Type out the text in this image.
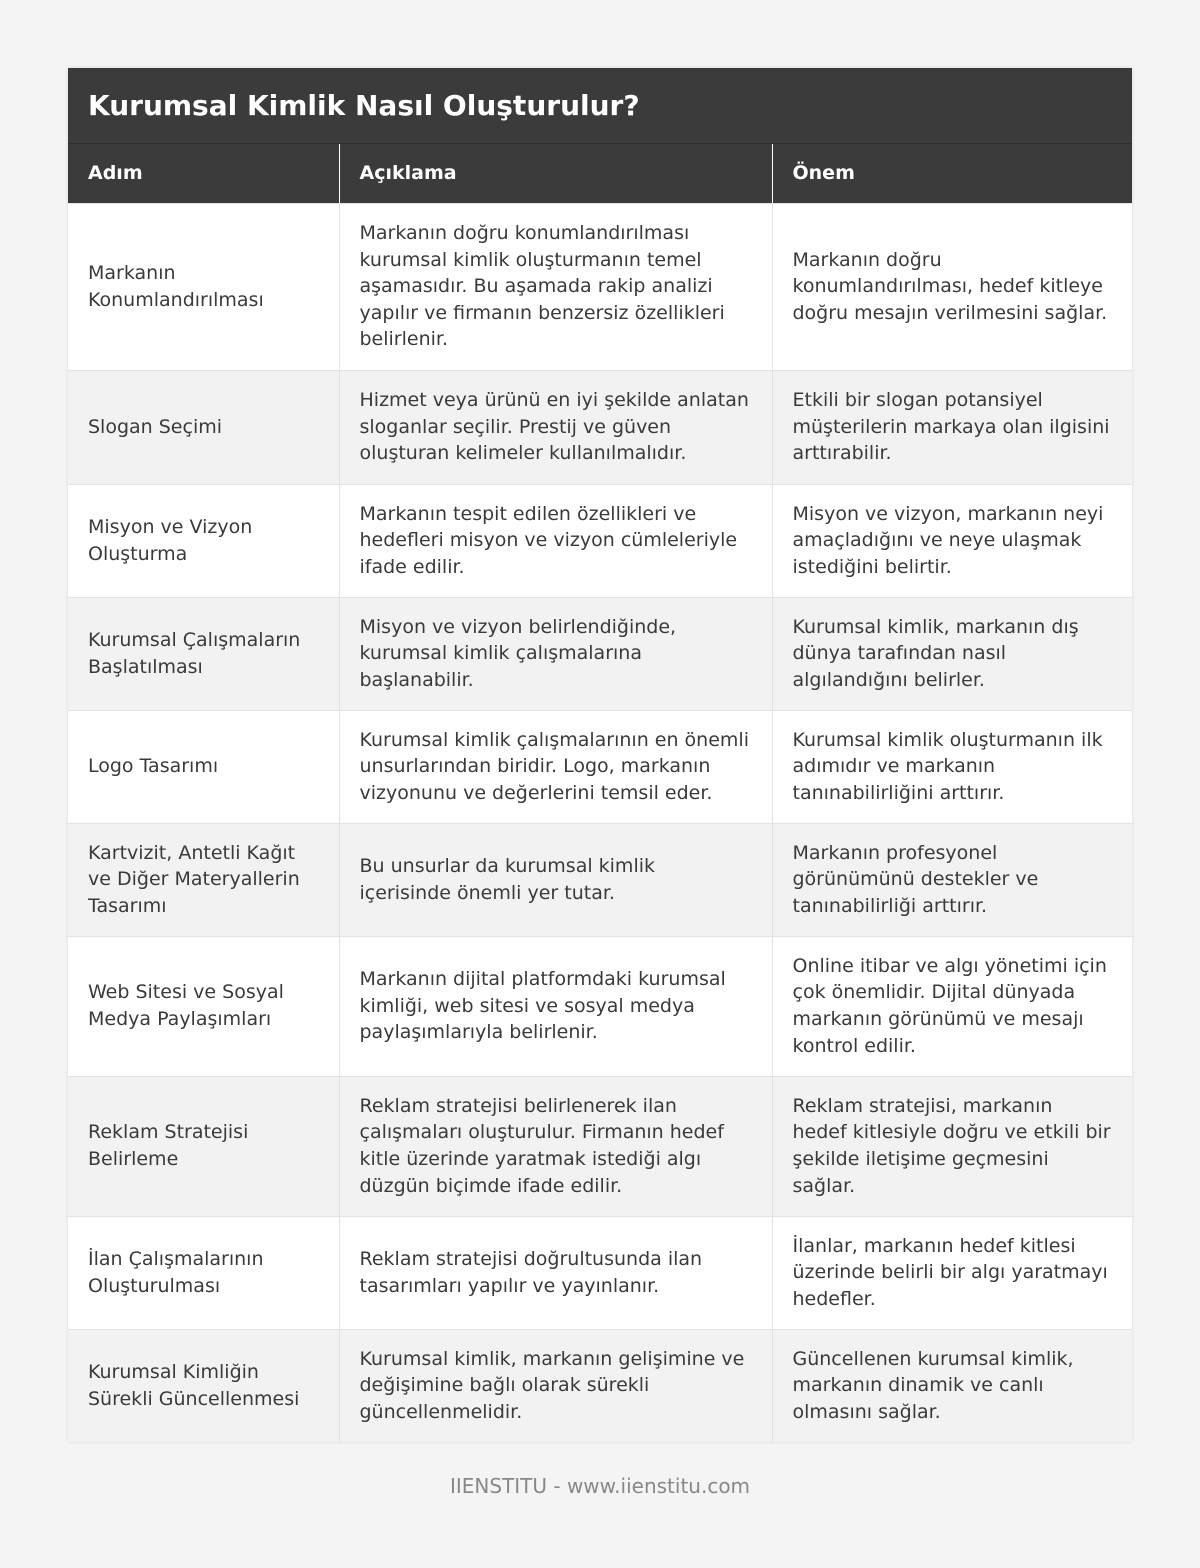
Kurumsal Kimlik Nasıl Oluşturulur?
Adım	Açıklama	Önem
Markanın Konumlandırılması	Markanın doğru konumlandırılması kurumsal kimlik oluşturmanın temel aşamasıdır. Bu aşamada rakip analizi yapılır ve firmanın benzersiz özellikleri belirlenir.	Markanın doğru konumlandırılması, hedef kitleye doğru mesajın verilmesini sağlar.
Slogan Seçimi	Hizmet veya ürünü en iyi şekilde anlatan sloganlar seçilir. Prestij ve güven oluşturan kelimeler kullanılmalıdır.	Etkili bir slogan potansiyel müşterilerin markaya olan ilgisini arttırabilir.
Misyon ve Vizyon Oluşturma	Markanın tespit edilen özellikleri ve hedefleri misyon ve vizyon cümleleriyle ifade edilir.	Misyon ve vizyon, markanın neyi amaçladığını ve neye ulaşmak istediğini belirtir.
Kurumsal Çalışmaların Başlatılması	Misyon ve vizyon belirlendiğinde, kurumsal kimlik çalışmalarına başlanabilir.	Kurumsal kimlik, markanın dış dünya tarafından nasıl algılandığını belirler.
Logo Tasarımı	Kurumsal kimlik çalışmalarının en önemli unsurlarından biridir. Logo, markanın vizyonunu ve değerlerini temsil eder.	Kurumsal kimlik oluşturmanın ilk adımıdır ve markanın tanınabilirliğini arttırır.
Kartvizit, Antetli Kağıt ve Diğer Materyallerin Tasarımı	Bu unsurlar da kurumsal kimlik içerisinde önemli yer tutar.	Markanın profesyonel görünümünü destekler ve tanınabilirliği arttırır.
Web Sitesi ve Sosyal Medya Paylaşımları	Markanın dijital platformdaki kurumsal kimliği, web sitesi ve sosyal medya paylaşımlarıyla belirlenir.	Online itibar ve algı yönetimi için çok önemlidir. Dijital dünyada markanın görünümü ve mesajı kontrol edilir.
Reklam Stratejisi Belirleme	Reklam stratejisi belirlenerek ilan çalışmaları oluşturulur. Firmanın hedef kitle üzerinde yaratmak istediği algı düzgün biçimde ifade edilir.	Reklam stratejisi, markanın hedef kitlesiyle doğru ve etkili bir şekilde iletişime geçmesini sağlar.
İlan Çalışmalarının Oluşturulması	Reklam stratejisi doğrultusunda ilan tasarımları yapılır ve yayınlanır.	İlanlar, markanın hedef kitlesi üzerinde belirli bir algı yaratmayı hedefler.
Kurumsal Kimliğin Sürekli Güncellenmesi	Kurumsal kimlik, markanın gelişimine ve değişimine bağlı olarak sürekli güncellenmelidir.	Güncellenen kurumsal kimlik, markanın dinamik ve canlı olmasını sağlar.
IIENSTITU - www.iienstitu.com
